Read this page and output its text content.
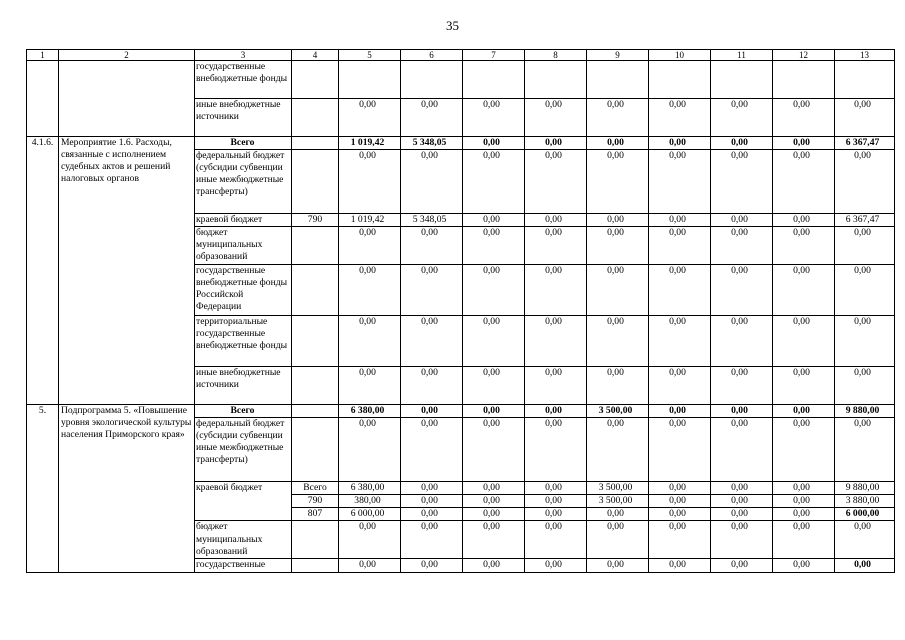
35
1	2	3	4	5	6	7	8	9	10	11	12	13
		государственные внебюджетные фонды										
		иные внебюджетные источники		0,00	0,00	0,00	0,00	0,00	0,00	0,00	0,00	0,00
4.1.6.	Мероприятие 1.6. Расходы, связанные с исполнением судебных актов и решений налоговых органов	Всего		1 019,42	5 348,05	0,00	0,00	0,00	0,00	0,00	0,00	6 367,47
		федеральный бюджет (субсидии субвенции иные межбюджетные трансферты)		0,00	0,00	0,00	0,00	0,00	0,00	0,00	0,00	0,00
		краевой бюджет	790	1 019,42	5 348,05	0,00	0,00	0,00	0,00	0,00	0,00	6 367,47
		бюджет муниципальных образований		0,00	0,00	0,00	0,00	0,00	0,00	0,00	0,00	0,00
		государственные внебюджетные фонды Российской Федерации		0,00	0,00	0,00	0,00	0,00	0,00	0,00	0,00	0,00
		территориальные государственные внебюджетные фонды		0,00	0,00	0,00	0,00	0,00	0,00	0,00	0,00	0,00
		иные внебюджетные источники		0,00	0,00	0,00	0,00	0,00	0,00	0,00	0,00	0,00
5.	Подпрограмма 5. «Повышение уровня экологической культуры населения Приморского края»	Всего		6 380,00	0,00	0,00	0,00	3 500,00	0,00	0,00	0,00	9 880,00
		федеральный бюджет (субсидии субвенции иные межбюджетные трансферты)		0,00	0,00	0,00	0,00	0,00	0,00	0,00	0,00	0,00
		краевой бюджет	Всего	6 380,00	0,00	0,00	0,00	3 500,00	0,00	0,00	0,00	9 880,00
			790	380,00	0,00	0,00	0,00	3 500,00	0,00	0,00	0,00	3 880,00
			807	6 000,00	0,00	0,00	0,00	0,00	0,00	0,00	0,00	6 000,00
		бюджет муниципальных образований		0,00	0,00	0,00	0,00	0,00	0,00	0,00	0,00	0,00
		государственные		0,00	0,00	0,00	0,00	0,00	0,00	0,00	0,00	0,00
